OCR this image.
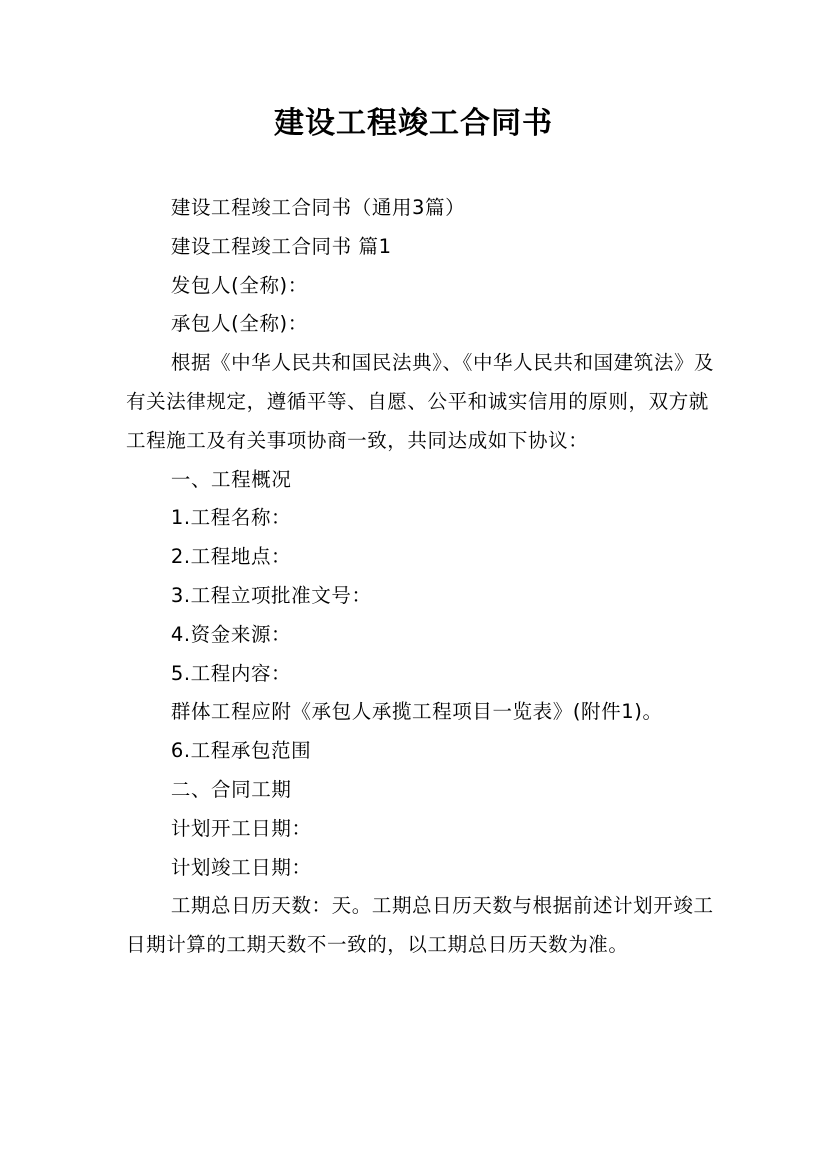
建设工程竣工合同书

建设工程竣工合同书（通用3篇）

建设工程竣工合同书 篇1

发包人(全称)：

承包人(全称)：

根据《中华人民共和国民法典》、《中华人民共和国建筑法》及有关法律规定，遵循平等、自愿、公平和诚实信用的原则，双方就工程施工及有关事项协商一致，共同达成如下协议：

一、工程概况

1.工程名称：

2.工程地点：

3.工程立项批准文号：

4.资金来源：

5.工程内容：

群体工程应附《承包人承揽工程项目一览表》(附件1)。

6.工程承包范围

二、合同工期

计划开工日期：

计划竣工日期：

工期总日历天数：天。工期总日历天数与根据前述计划开竣工日期计算的工期天数不一致的，以工期总日历天数为准。
